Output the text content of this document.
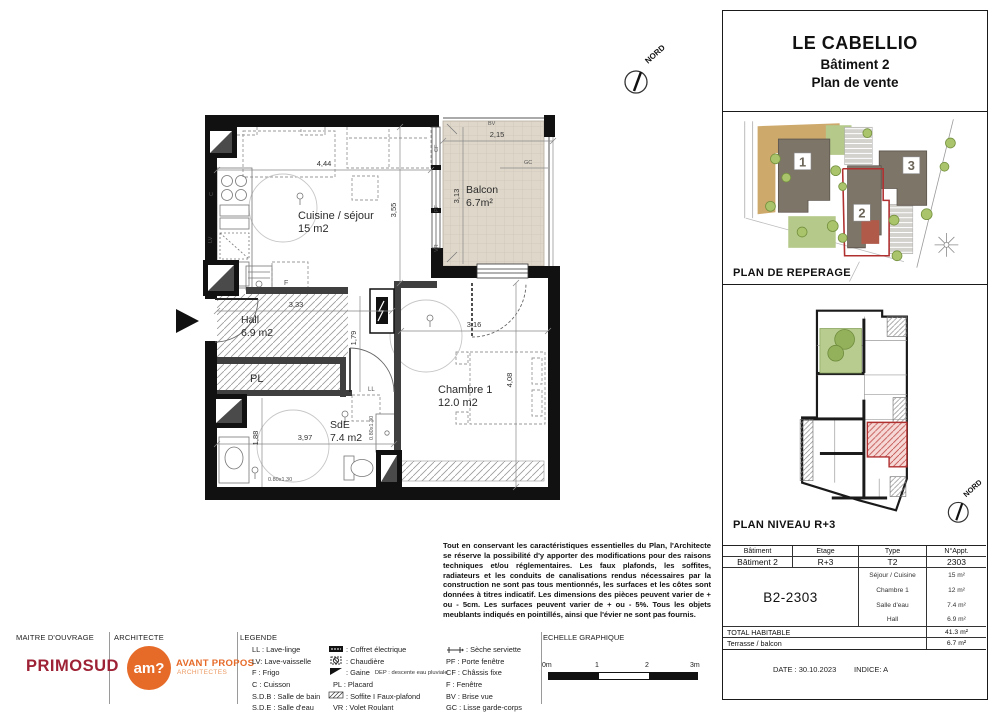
Cuisine / séjour
15 m2
Balcon
6.7m²
Hall
6.9 m2
PL
SdE
7.4 m2
Chambre 1
12.0 m2
4,44
3,55
3,33
1,79
3,16
4,08
3,97
1,88
2,15
3,13
LV
C
F
LL
BV
GC
CF
PF
VR
0.80x1.30
0.80x1.30
NORD
Tout en conservant les caractéristiques essentielles du Plan, l'Architecte se réserve la possibilité d'y apporter des modifications pour des raisons techniques et/ou réglementaires. Les faux plafonds, les soffites, radiateurs et les conduits de canalisations rendus nécessaires par la construction ne sont pas tous mentionnés, les surfaces et les côtes sont données à titres indicatif. Les dimensions des pièces peuvent varier de + ou - 5cm. Les surfaces peuvent varier de + ou - 5%. Tous les objets meublants indiqués en pointillés, ainsi que l'évier ne sont pas fournis.
MAITRE D'OUVRAGE
PRIMOSUD
ARCHITECTE
am?	AVANT PROPOS
ARCHITECTES
LEGENDE
LL : Lave-linge
LV: Lave-vaisselle
F : Frigo
C : Cuisson
S.D.B : Salle de bain
S.D.E : Salle d'eau
: Coffret électrique
: Chaudière
: Gaine DEP : descente eau pluviale
PL : Placard
: Soffite I Faux-plafond
VR : Volet Roulant
: Sèche serviette
PF : Porte fenêtre
CF : Châssis fixe
F : Fenêtre
BV : Brise vue
GC : Lisse garde-corps
ECHELLE GRAPHIQUE
0m	1	2	3m
LE CABELLIO
Bâtiment 2
Plan de vente
1
2
3
PLAN DE REPERAGE
NORD
PLAN NIVEAU R+3
Bâtiment	Etage	Type	N°Appt.
Bâtiment 2	R+3	T2	2303
B2-2303
Séjour / Cuisine	15 m²
Chambre 1	12 m²
Salle d'eau	7.4 m²
Hall	6.9 m²
TOTAL HABITABLE	41.3 m²
Terrasse / balcon	6.7 m²
DATE : 30.10.2023 INDICE: A
